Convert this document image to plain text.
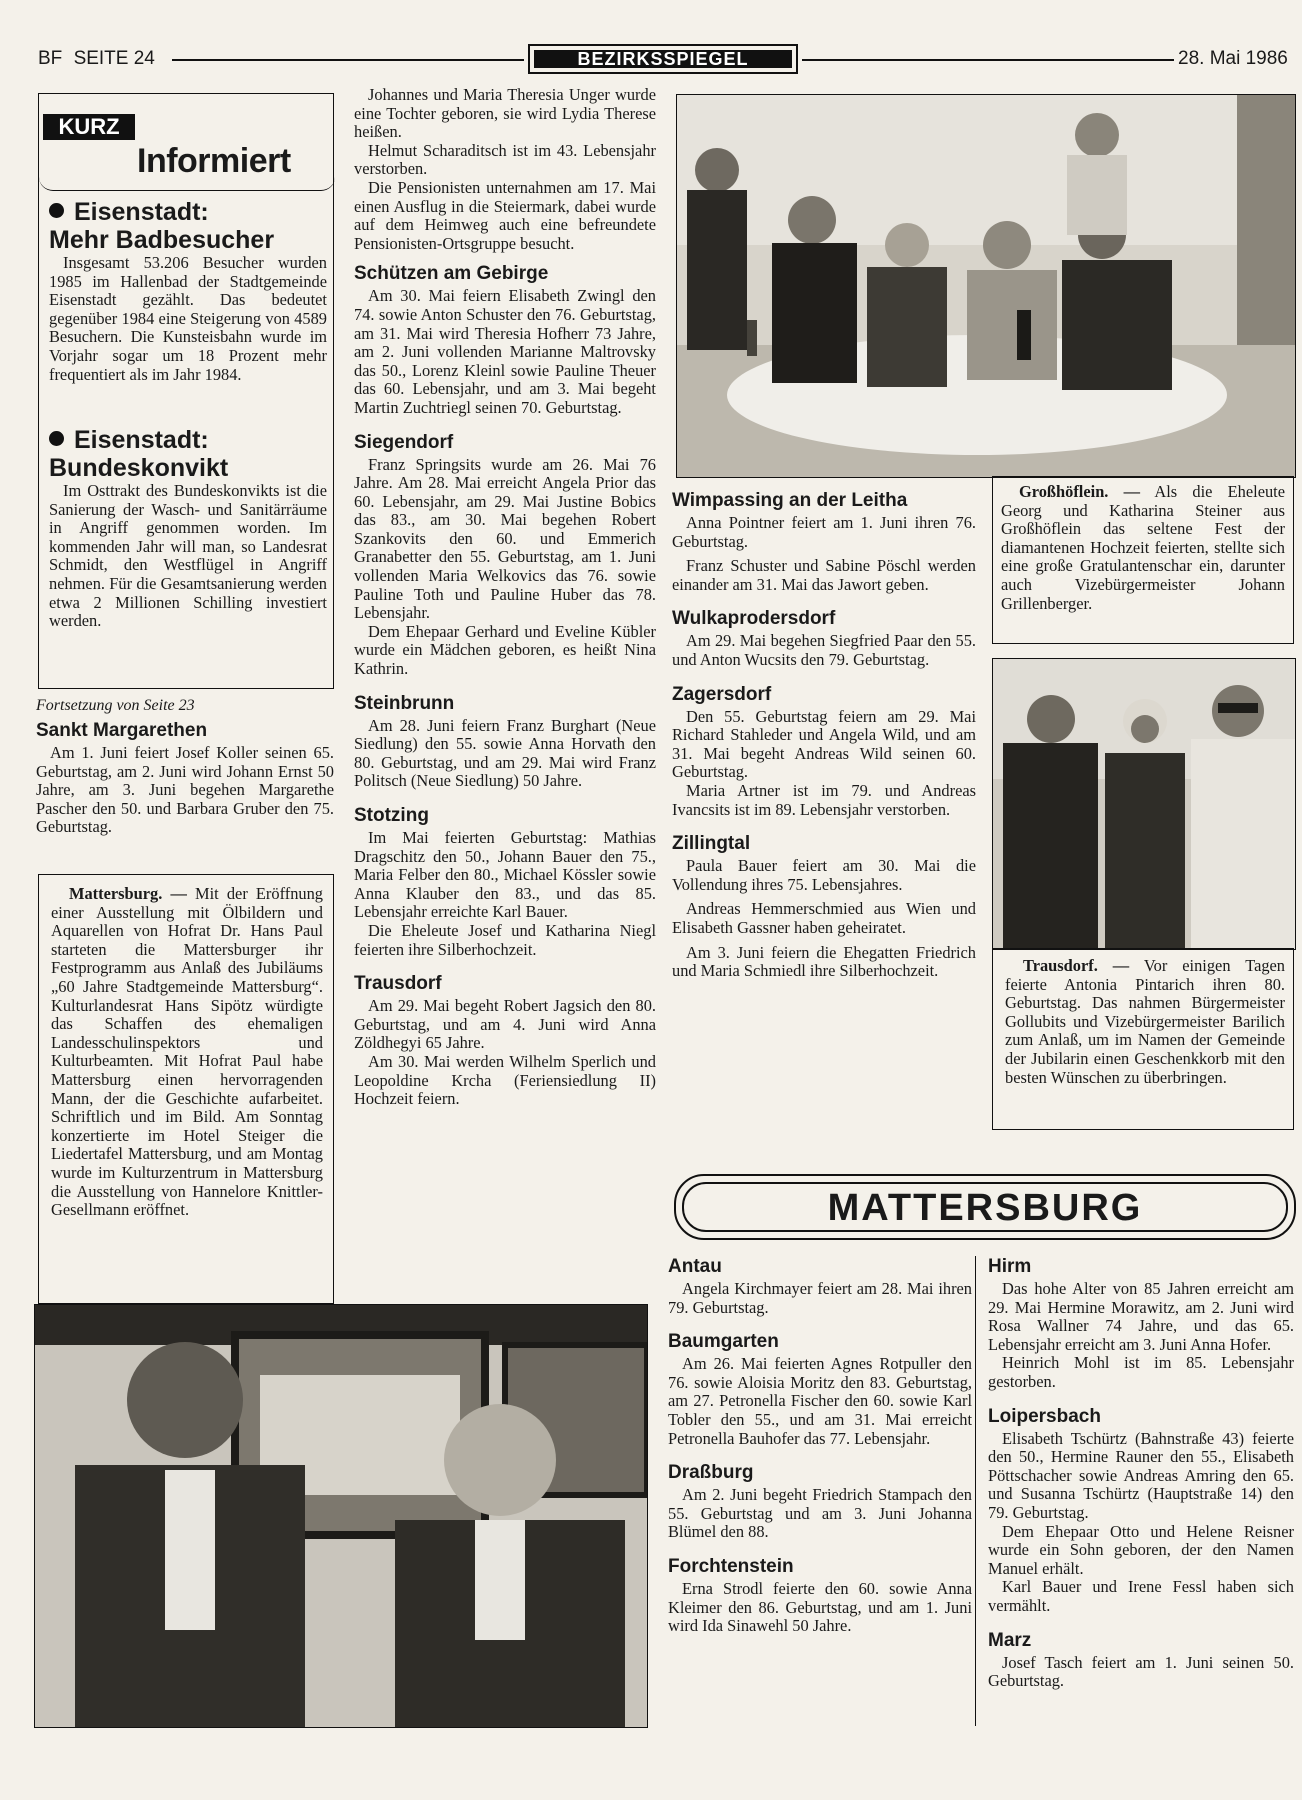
BF SEITE 24	BEZIRKSSPIEGEL	28. Mai 1986
KURZ
Informiert
Eisenstadt:
Mehr Badbesucher

Insgesamt 53.206 Besucher wurden 1985 im Hallenbad der Stadtgemeinde Eisenstadt gezählt. Das bedeutet gegenüber 1984 eine Steigerung von 4589 Besuchern. Die Kunsteisbahn wurde im Vorjahr sogar um 18 Prozent mehr frequentiert als im Jahr 1984.

Eisenstadt:
Bundeskonvikt

Im Osttrakt des Bundeskonvikts ist die Sanierung der Wasch- und Sanitärräume in Angriff genommen worden. Im kommenden Jahr will man, so Landesrat Schmidt, den Westflügel in Angriff nehmen. Für die Gesamtsanierung werden etwa 2 Millionen Schilling investiert werden.

Fortsetzung von Seite 23
Sankt Margarethen

Am 1. Juni feiert Josef Koller seinen 65. Geburtstag, am 2. Juni wird Johann Ernst 50 Jahre, am 3. Juni begehen Margarethe Pascher den 50. und Barbara Gruber den 75. Geburtstag.

Mattersburg. — Mit der Eröffnung einer Ausstellung mit Ölbildern und Aquarellen von Hofrat Dr. Hans Paul starteten die Mattersburger ihr Festprogramm aus Anlaß des Jubiläums „60 Jahre Stadtgemeinde Mattersburg“. Kulturlandesrat Hans Sipötz würdigte das Schaffen des ehemaligen Landesschulinspektors und Kulturbeamten. Mit Hofrat Paul habe Mattersburg einen hervorragenden Mann, der die Geschichte aufarbeitet. Schriftlich und im Bild. Am Sonntag konzertierte im Hotel Steiger die Liedertafel Mattersburg, und am Montag wurde im Kulturzentrum in Mattersburg die Ausstellung von Hannelore Knittler-Gesellmann eröffnet.

Johannes und Maria Theresia Unger wurde eine Tochter geboren, sie wird Lydia Therese heißen.

Helmut Scharaditsch ist im 43. Lebensjahr verstorben.

Die Pensionisten unternahmen am 17. Mai einen Ausflug in die Steiermark, dabei wurde auf dem Heimweg auch eine befreundete Pensionisten-Ortsgruppe besucht.

Schützen am Gebirge

Am 30. Mai feiern Elisabeth Zwingl den 74. sowie Anton Schuster den 76. Geburtstag, am 31. Mai wird Theresia Hofherr 73 Jahre, am 2. Juni vollenden Marianne Maltrovsky das 50., Lorenz Kleinl sowie Pauline Theuer das 60. Lebensjahr, und am 3. Mai begeht Martin Zuchtriegl seinen 70. Geburtstag.

Siegendorf

Franz Springsits wurde am 26. Mai 76 Jahre. Am 28. Mai erreicht Angela Prior das 60. Lebensjahr, am 29. Mai Justine Bobics das 83., am 30. Mai begehen Robert Szankovits den 60. und Emmerich Granabetter den 55. Geburtstag, am 1. Juni vollenden Maria Welkovics das 76. sowie Pauline Toth und Pauline Huber das 78. Lebensjahr.

Dem Ehepaar Gerhard und Eveline Kübler wurde ein Mädchen geboren, es heißt Nina Kathrin.

Steinbrunn

Am 28. Juni feiern Franz Burghart (Neue Siedlung) den 55. sowie Anna Horvath den 80. Geburtstag, und am 29. Mai wird Franz Politsch (Neue Siedlung) 50 Jahre.

Stotzing

Im Mai feierten Geburtstag: Mathias Dragschitz den 50., Johann Bauer den 75., Maria Felber den 80., Michael Kössler sowie Anna Klauber den 83., und das 85. Lebensjahr erreichte Karl Bauer.

Die Eheleute Josef und Katharina Niegl feierten ihre Silberhochzeit.

Trausdorf

Am 29. Mai begeht Robert Jagsich den 80. Geburtstag, und am 4. Juni wird Anna Zöldhegyi 65 Jahre.

Am 30. Mai werden Wilhelm Sperlich und Leopoldine Krcha (Feriensiedlung II) Hochzeit feiern.

Großhöflein. — Als die Eheleute Georg und Katharina Steiner aus Großhöflein das seltene Fest der diamantenen Hochzeit feierten, stellte sich eine große Gratulantenschar ein, darunter auch Vizebürgermeister Johann Grillenberger.

Wimpassing an der Leitha

Anna Pointner feiert am 1. Juni ihren 76. Geburtstag.

Franz Schuster und Sabine Pöschl werden einander am 31. Mai das Jawort geben.

Wulkaprodersdorf

Am 29. Mai begehen Siegfried Paar den 55. und Anton Wucsits den 79. Geburtstag.

Zagersdorf

Den 55. Geburtstag feiern am 29. Mai Richard Stahleder und Angela Wild, und am 31. Mai begeht Andreas Wild seinen 60. Geburtstag.

Maria Artner ist im 79. und Andreas Ivancsits ist im 89. Lebensjahr verstorben.

Zillingtal

Paula Bauer feiert am 30. Mai die Vollendung ihres 75. Lebensjahres.

Andreas Hemmerschmied aus Wien und Elisabeth Gassner haben geheiratet.

Am 3. Juni feiern die Ehegatten Friedrich und Maria Schmiedl ihre Silberhochzeit.	Trausdorf. — Vor einigen Tagen feierte Antonia Pintarich ihren 80. Geburtstag. Das nahmen Bürgermeister Gollubits und Vizebürgermeister Barilich zum Anlaß, um im Namen der Gemeinde der Jubilarin einen Geschenkkorb mit den besten Wünschen zu überbringen.

MATTERSBURG
Antau

Angela Kirchmayer feiert am 28. Mai ihren 79. Geburtstag.

Baumgarten

Am 26. Mai feierten Agnes Rotpuller den 76. sowie Aloisia Moritz den 83. Geburtstag, am 27. Petronella Fischer den 60. sowie Karl Tobler den 55., und am 31. Mai erreicht Petronella Bauhofer das 77. Lebensjahr.

Draßburg

Am 2. Juni begeht Friedrich Stampach den 55. Geburtstag und am 3. Juni Johanna Blümel den 88.

Forchtenstein

Erna Strodl feierte den 60. sowie Anna Kleimer den 86. Geburtstag, und am 1. Juni wird Ida Sinawehl 50 Jahre.

Hirm

Das hohe Alter von 85 Jahren erreicht am 29. Mai Hermine Morawitz, am 2. Juni wird Rosa Wallner 74 Jahre, und das 65. Lebensjahr erreicht am 3. Juni Anna Hofer.

Heinrich Mohl ist im 85. Lebensjahr gestorben.

Loipersbach

Elisabeth Tschürtz (Bahnstraße 43) feierte den 50., Hermine Rauner den 55., Elisabeth Pöttschacher sowie Andreas Amring den 65. und Susanna Tschürtz (Hauptstraße 14) den 79. Geburtstag.

Dem Ehepaar Otto und Helene Reisner wurde ein Sohn geboren, der den Namen Manuel erhält.

Karl Bauer und Irene Fessl haben sich vermählt.

Marz

Josef Tasch feiert am 1. Juni seinen 50. Geburtstag.
